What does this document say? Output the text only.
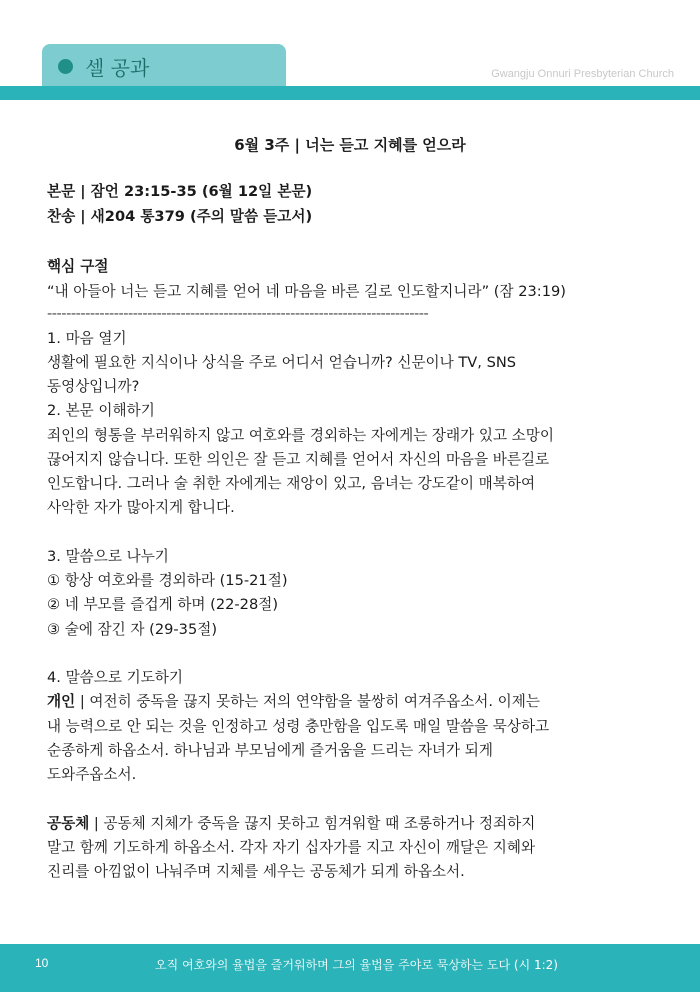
셀 공과	Gwangju Onnuri Presbyterian Church
6월 3주 | 너는 듣고 지혜를 얻으라
본문 | 잠언 23:15-35 (6월 12일 본문)
찬송 | 새204 통379 (주의 말씀 듣고서)
핵심 구절
“내 아들아 너는 듣고 지혜를 얻어 네 마음을 바른 길로 인도할지니라” (잠 23:19)
--------------------------------------------------------------------------------
1. 마음 열기
생활에 필요한 지식이나 상식을 주로 어디서 얻습니까? 신문이나 TV, SNS
동영상입니까?
2. 본문 이해하기
죄인의 형통을 부러워하지 않고 여호와를 경외하는 자에게는 장래가 있고 소망이
끊어지지 않습니다. 또한 의인은 잘 듣고 지혜를 얻어서 자신의 마음을 바른길로
인도합니다. 그러나 술 취한 자에게는 재앙이 있고, 음녀는 강도같이 매복하여
사악한 자가 많아지게 합니다.
3. 말씀으로 나누기
① 항상 여호와를 경외하라 (15-21절)
② 네 부모를 즐겁게 하며 (22-28절)
③ 술에 잠긴 자 (29-35절)
4. 말씀으로 기도하기
개인 | 여전히 중독을 끊지 못하는 저의 연약함을 불쌍히 여겨주옵소서. 이제는
내 능력으로 안 되는 것을 인정하고 성령 충만함을 입도록 매일 말씀을 묵상하고
순종하게 하옵소서. 하나님과 부모님에게 즐거움을 드리는 자녀가 되게
도와주옵소서.
공동체 | 공동체 지체가 중독을 끊지 못하고 힘겨워할 때 조롱하거나 정죄하지
말고 함께 기도하게 하옵소서. 각자 자기 십자가를 지고 자신이 깨달은 지혜와
진리를 아낌없이 나눠주며 지체를 세우는 공동체가 되게 하옵소서.
10	오직 여호와의 율법을 즐거워하며 그의 율법을 주야로 묵상하는 도다 (시 1:2)
